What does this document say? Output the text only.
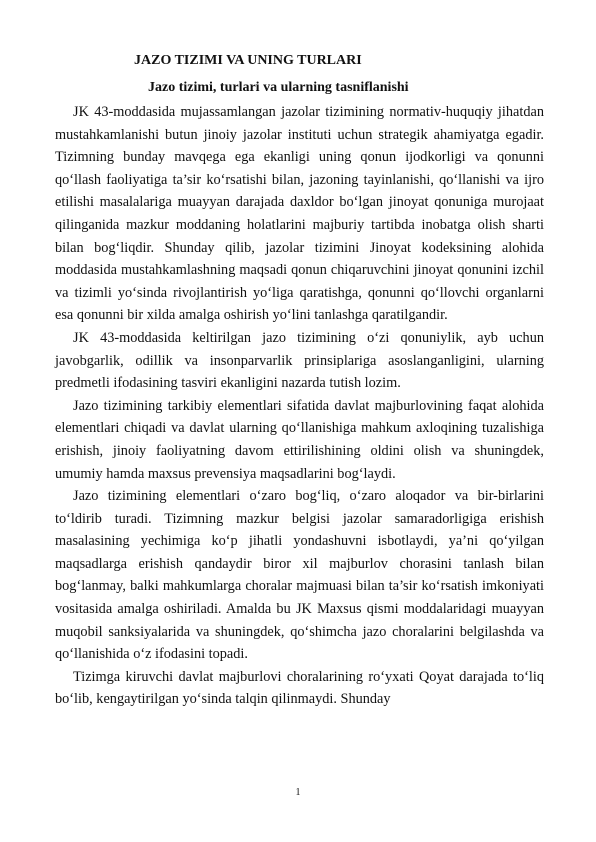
JAZO TIZIMI VA UNING TURLARI
Jazo tizimi, turlari va ularning tasniflanishi

JK 43-moddasida mujassamlangan jazolar tizimining normativ-huquqiy jihatdan mustahkamlanishi butun jinoiy jazolar instituti uchun strategik ahamiyatga egadir. Tizimning bunday mavqega ega ekanligi uning qonun ijodkorligi va qonunni qo‘llash faoliyatiga ta’sir ko‘rsatishi bilan, jazoning tayinlanishi, qo‘llanishi va ijro etilishi masalalariga muayyan darajada daxldor bo‘lgan jinoyat qonuniga murojaat qilinganida mazkur moddaning holatlarini majburiy tartibda inobatga olish sharti bilan bog‘liqdir. Shunday qilib, jazolar tizimini Jinoyat kodeksining alohida moddasida mustahkamlashning maqsadi qonun chiqaruvchini jinoyat qonunini izchil va tizimli yo‘sinda rivojlantirish yo‘liga qaratishga, qonunni qo‘llovchi organlarni esa qonunni bir xilda amalga oshirish yo‘lini tanlashga qaratilgandir.

JK 43-moddasida keltirilgan jazo tizimining o‘zi qonuniylik, ayb uchun javobgarlik, odillik va insonparvarlik prinsiplariga asoslanganligini, ularning predmetli ifodasining tasviri ekanligini nazarda tutish lozim.

Jazo tizimining tarkibiy elementlari sifatida davlat majburlovining faqat alohida elementlari chiqadi va davlat ularning qo‘llanishiga mahkum axloqining tuzalishiga erishish, jinoiy faoliyatning davom ettirilishining oldini olish va shuningdek, umumiy hamda maxsus prevensiya maqsadlarini bog‘laydi.

Jazo tizimining elementlari o‘zaro bog‘liq, o‘zaro aloqador va bir-birlarini to‘ldirib turadi. Tizimning mazkur belgisi jazolar samaradorligiga erishish masalasining yechimiga ko‘p jihatli yondashuvni isbotlaydi, ya’ni qo‘yilgan maqsadlarga erishish qandaydir biror xil majburlov chorasini tanlash bilan bog‘lanmay, balki mahkumlarga choralar majmuasi bilan ta’sir ko‘rsatish imkoniyati vositasida amalga oshiriladi. Amalda bu JK Maxsus qismi moddalaridagi muayyan muqobil sanksiyalarida va shuningdek, qo‘shimcha jazo choralarini belgilashda va qo‘llanishida o‘z ifodasini topadi.

Tizimga kiruvchi davlat majburlovi choralarining ro‘yxati Qoyat darajada to‘liq bo‘lib, kengaytirilgan yo‘sinda talqin qilinmaydi. Shunday

1
